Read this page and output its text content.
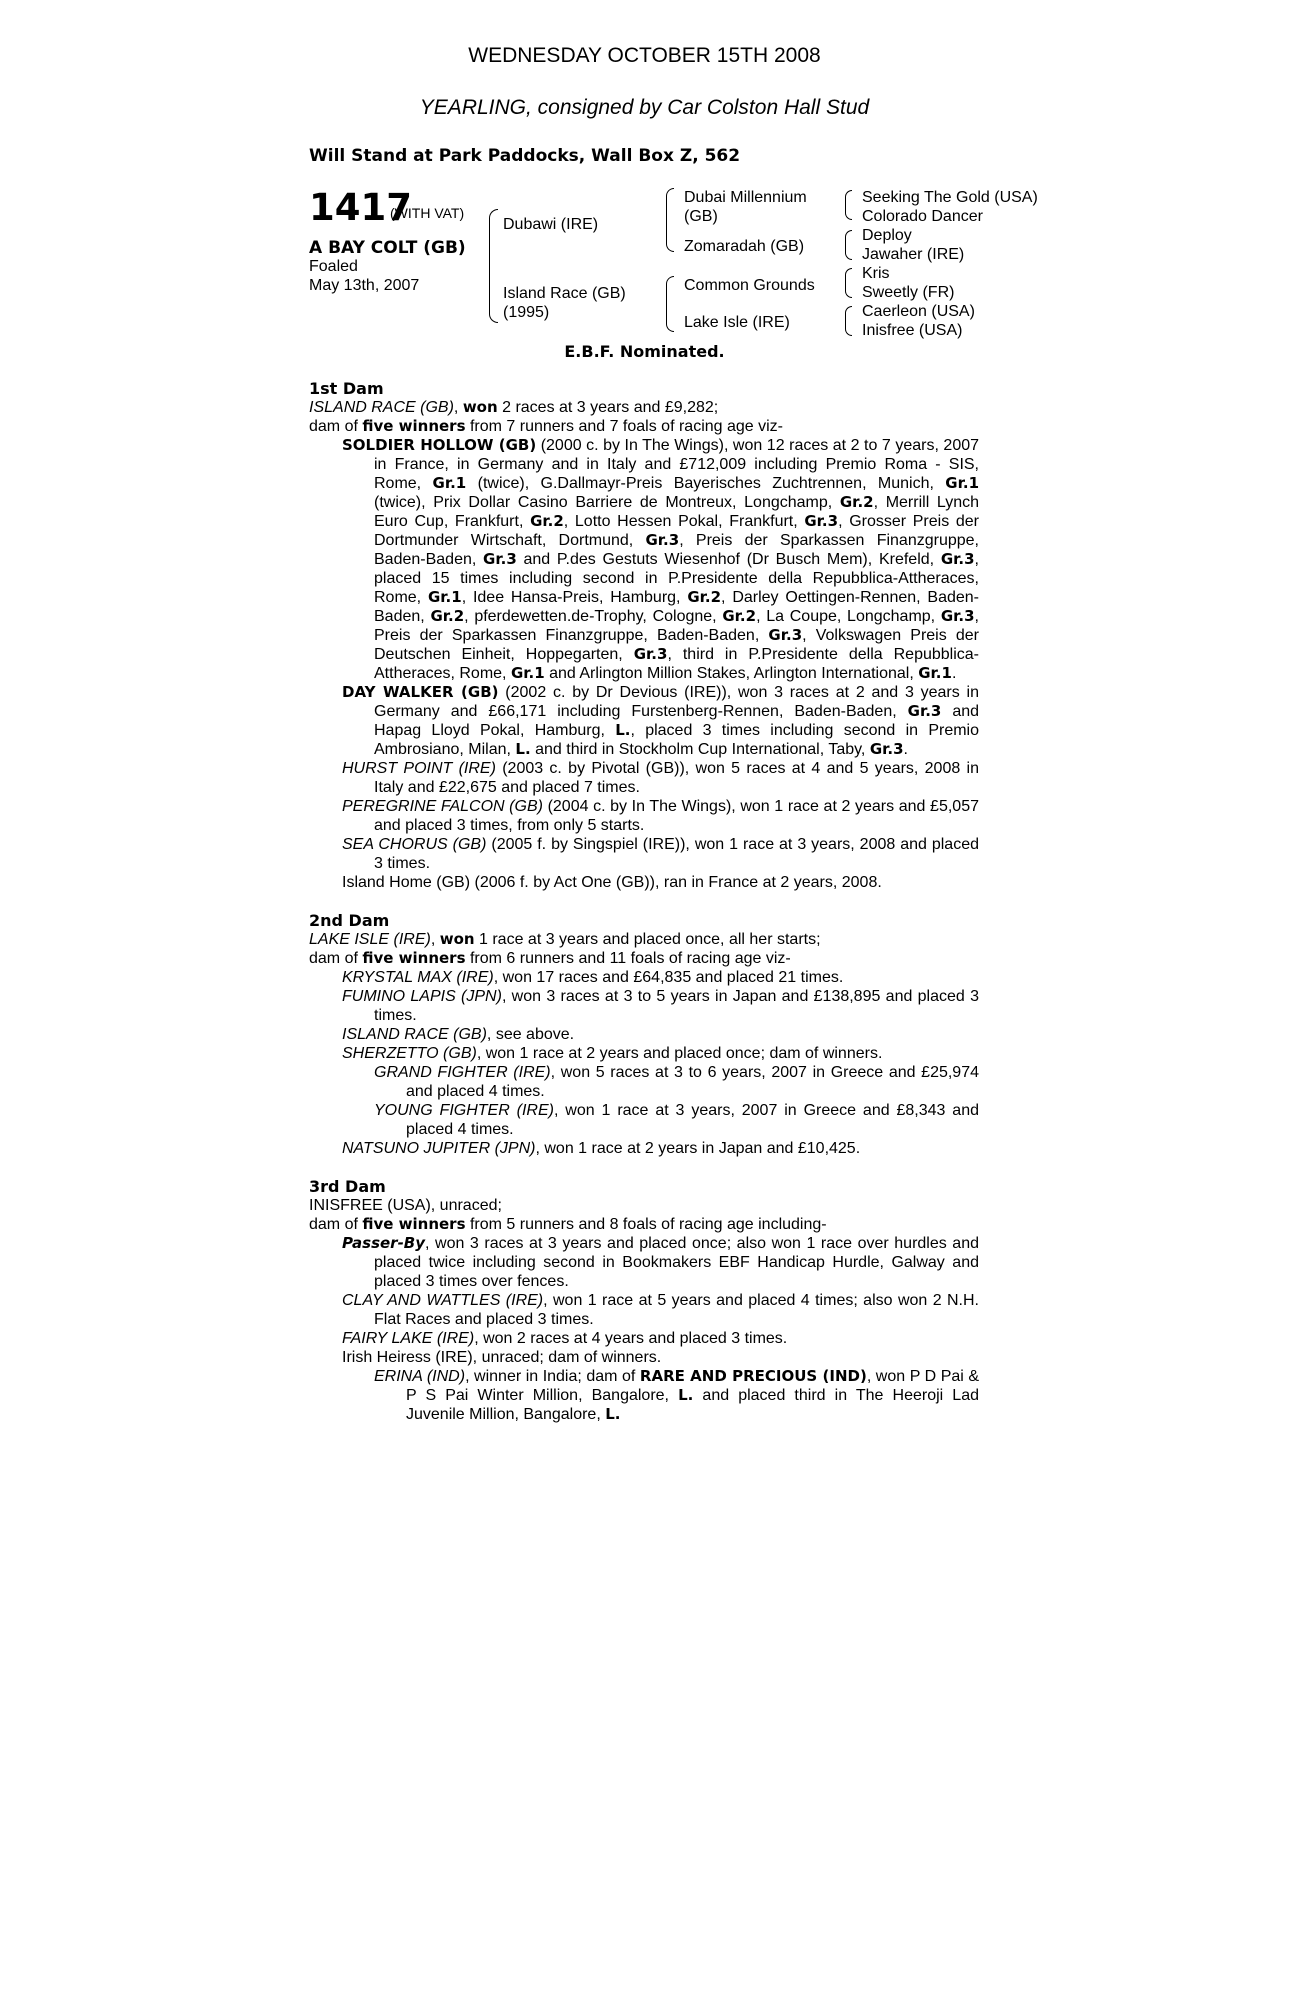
WEDNESDAY OCTOBER 15TH 2008
YEARLING, consigned by Car Colston Hall Stud
Will Stand at Park Paddocks, Wall Box Z, 562
1417
(WITH VAT)
A BAY COLT (GB)
Foaled
May 13th, 2007
Dubawi (IRE)
Island Race (GB)
(1995)
Dubai Millennium
(GB)
Zomaradah (GB)
Common Grounds
Lake Isle (IRE)
Seeking The Gold (USA)
Colorado Dancer
Deploy
Jawaher (IRE)
Kris
Sweetly (FR)
Caerleon (USA)
Inisfree (USA)
E.B.F. Nominated.

1st Dam

ISLAND RACE (GB), won 2 races at 3 years and £9,282;

dam of five winners from 7 runners and 7 foals of racing age viz-

SOLDIER HOLLOW (GB) (2000 c. by In The Wings), won 12 races at 2 to 7 years, 2007 in France, in Germany and in Italy and £712,009 including Premio Roma - SIS, Rome, Gr.1 (twice), G.Dallmayr-Preis Bayerisches Zuchtrennen, Munich, Gr.1 (twice), Prix Dollar Casino Barriere de Montreux, Longchamp, Gr.2, Merrill Lynch Euro Cup, Frankfurt, Gr.2, Lotto Hessen Pokal, Frankfurt, Gr.3, Grosser Preis der Dortmunder Wirtschaft, Dortmund, Gr.3, Preis der Sparkassen Finanzgruppe, Baden-Baden, Gr.3 and P.des Gestuts Wiesenhof (Dr Busch Mem), Krefeld, Gr.3, placed 15 times including second in P.Presidente della Repubblica-Attheraces, Rome, Gr.1, Idee Hansa-Preis, Hamburg, Gr.2, Darley Oettingen-Rennen, Baden-Baden, Gr.2, pferdewetten.de-Trophy, Cologne, Gr.2, La Coupe, Longchamp, Gr.3, Preis der Sparkassen Finanzgruppe, Baden-Baden, Gr.3, Volkswagen Preis der Deutschen Einheit, Hoppegarten, Gr.3, third in P.Presidente della Repubblica-Attheraces, Rome, Gr.1 and Arlington Million Stakes, Arlington International, Gr.1.

DAY WALKER (GB) (2002 c. by Dr Devious (IRE)), won 3 races at 2 and 3 years in Germany and £66,171 including Furstenberg-Rennen, Baden-Baden, Gr.3 and Hapag Lloyd Pokal, Hamburg, L., placed 3 times including second in Premio Ambrosiano, Milan, L. and third in Stockholm Cup International, Taby, Gr.3.

HURST POINT (IRE) (2003 c. by Pivotal (GB)), won 5 races at 4 and 5 years, 2008 in Italy and £22,675 and placed 7 times.

PEREGRINE FALCON (GB) (2004 c. by In The Wings), won 1 race at 2 years and £5,057 and placed 3 times, from only 5 starts.

SEA CHORUS (GB) (2005 f. by Singspiel (IRE)), won 1 race at 3 years, 2008 and placed 3 times.

Island Home (GB) (2006 f. by Act One (GB)), ran in France at 2 years, 2008.

2nd Dam

LAKE ISLE (IRE), won 1 race at 3 years and placed once, all her starts;

dam of five winners from 6 runners and 11 foals of racing age viz-

KRYSTAL MAX (IRE), won 17 races and £64,835 and placed 21 times.

FUMINO LAPIS (JPN), won 3 races at 3 to 5 years in Japan and £138,895 and placed 3 times.

ISLAND RACE (GB), see above.

SHERZETTO (GB), won 1 race at 2 years and placed once; dam of winners.

GRAND FIGHTER (IRE), won 5 races at 3 to 6 years, 2007 in Greece and £25,974 and placed 4 times.

YOUNG FIGHTER (IRE), won 1 race at 3 years, 2007 in Greece and £8,343 and placed 4 times.

NATSUNO JUPITER (JPN), won 1 race at 2 years in Japan and £10,425.

3rd Dam

INISFREE (USA), unraced;

dam of five winners from 5 runners and 8 foals of racing age including-

Passer-By, won 3 races at 3 years and placed once; also won 1 race over hurdles and placed twice including second in Bookmakers EBF Handicap Hurdle, Galway and placed 3 times over fences.

CLAY AND WATTLES (IRE), won 1 race at 5 years and placed 4 times; also won 2 N.H. Flat Races and placed 3 times.

FAIRY LAKE (IRE), won 2 races at 4 years and placed 3 times.

Irish Heiress (IRE), unraced; dam of winners.

ERINA (IND), winner in India; dam of RARE AND PRECIOUS (IND), won P D Pai & P S Pai Winter Million, Bangalore, L. and placed third in The Heeroji Lad Juvenile Million, Bangalore, L.
